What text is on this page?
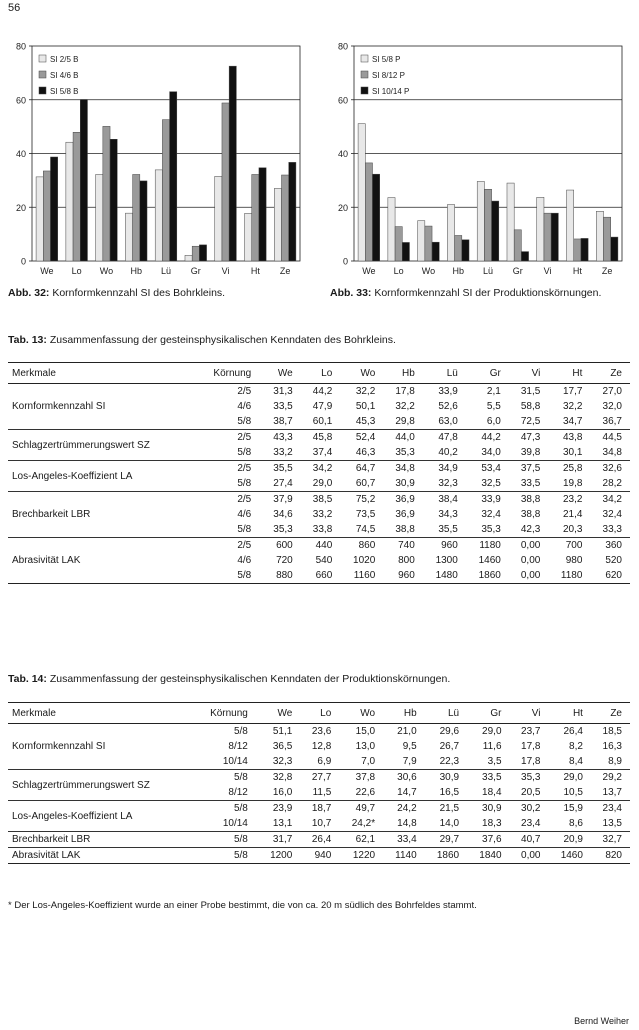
56
0
20
40
60
80
We Lo Wo Hb Lü Gr Vi Ht Ze
SI 2/5 B
SI 4/6 B
SI 5/8 B
0
20
40
60
80
We Lo Wo Hb Lü Gr Vi Ht Ze
SI 5/8 P
SI 8/12 P
SI 10/14 P
Abb. 32: Kornformkennzahl SI des Bohrkleins.	Abb. 33: Kornformkennzahl SI der Produktionskörnungen.
Tab. 13: Zusammenfassung der gesteinsphysikalischen Kenndaten des Bohrkleins.
Merkmale	Körnung	We	Lo	Wo	Hb	Lü	Gr	Vi	Ht	Ze
Kornformkennzahl SI	2/5	31,3	44,2	32,2	17,8	33,9	2,1	31,5	17,7	27,0
	4/6	33,5	47,9	50,1	32,2	52,6	5,5	58,8	32,2	32,0
	5/8	38,7	60,1	45,3	29,8	63,0	6,0	72,5	34,7	36,7
Schlagzertrümmerungswert SZ	2/5	43,3	45,8	52,4	44,0	47,8	44,2	47,3	43,8	44,5
	5/8	33,2	37,4	46,3	35,3	40,2	34,0	39,8	30,1	34,8
Los-Angeles-Koeffizient LA	2/5	35,5	34,2	64,7	34,8	34,9	53,4	37,5	25,8	32,6
	5/8	27,4	29,0	60,7	30,9	32,3	32,5	33,5	19,8	28,2
Brechbarkeit LBR	2/5	37,9	38,5	75,2	36,9	38,4	33,9	38,8	23,2	34,2
	4/6	34,6	33,2	73,5	36,9	34,3	32,4	38,8	21,4	32,4
	5/8	35,3	33,8	74,5	38,8	35,5	35,3	42,3	20,3	33,3
Abrasivität LAK	2/5	600	440	860	740	960	1180	0,00	700	360
	4/6	720	540	1020	800	1300	1460	0,00	980	520
	5/8	880	660	1160	960	1480	1860	0,00	1180	620
Tab. 14: Zusammenfassung der gesteinsphysikalischen Kenndaten der Produktionskörnungen.
Merkmale	Körnung	We	Lo	Wo	Hb	Lü	Gr	Vi	Ht	Ze
Kornformkennzahl SI	5/8	51,1	23,6	15,0	21,0	29,6	29,0	23,7	26,4	18,5
	8/12	36,5	12,8	13,0	9,5	26,7	11,6	17,8	8,2	16,3
	10/14	32,3	6,9	7,0	7,9	22,3	3,5	17,8	8,4	8,9
Schlagzertrümmerungswert SZ	5/8	32,8	27,7	37,8	30,6	30,9	33,5	35,3	29,0	29,2
	8/12	16,0	11,5	22,6	14,7	16,5	18,4	20,5	10,5	13,7
Los-Angeles-Koeffizient LA	5/8	23,9	18,7	49,7	24,2	21,5	30,9	30,2	15,9	23,4
	10/14	13,1	10,7	24,2*	14,8	14,0	18,3	23,4	8,6	13,5
Brechbarkeit LBR	5/8	31,7	26,4	62,1	33,4	29,7	37,6	40,7	20,9	32,7
Abrasivität LAK	5/8	1200	940	1220	1140	1860	1840	0,00	1460	820
* Der Los-Angeles-Koeffizient wurde an einer Probe bestimmt, die von ca. 20 m südlich des Bohrfeldes stammt.
Bernd Weiher
